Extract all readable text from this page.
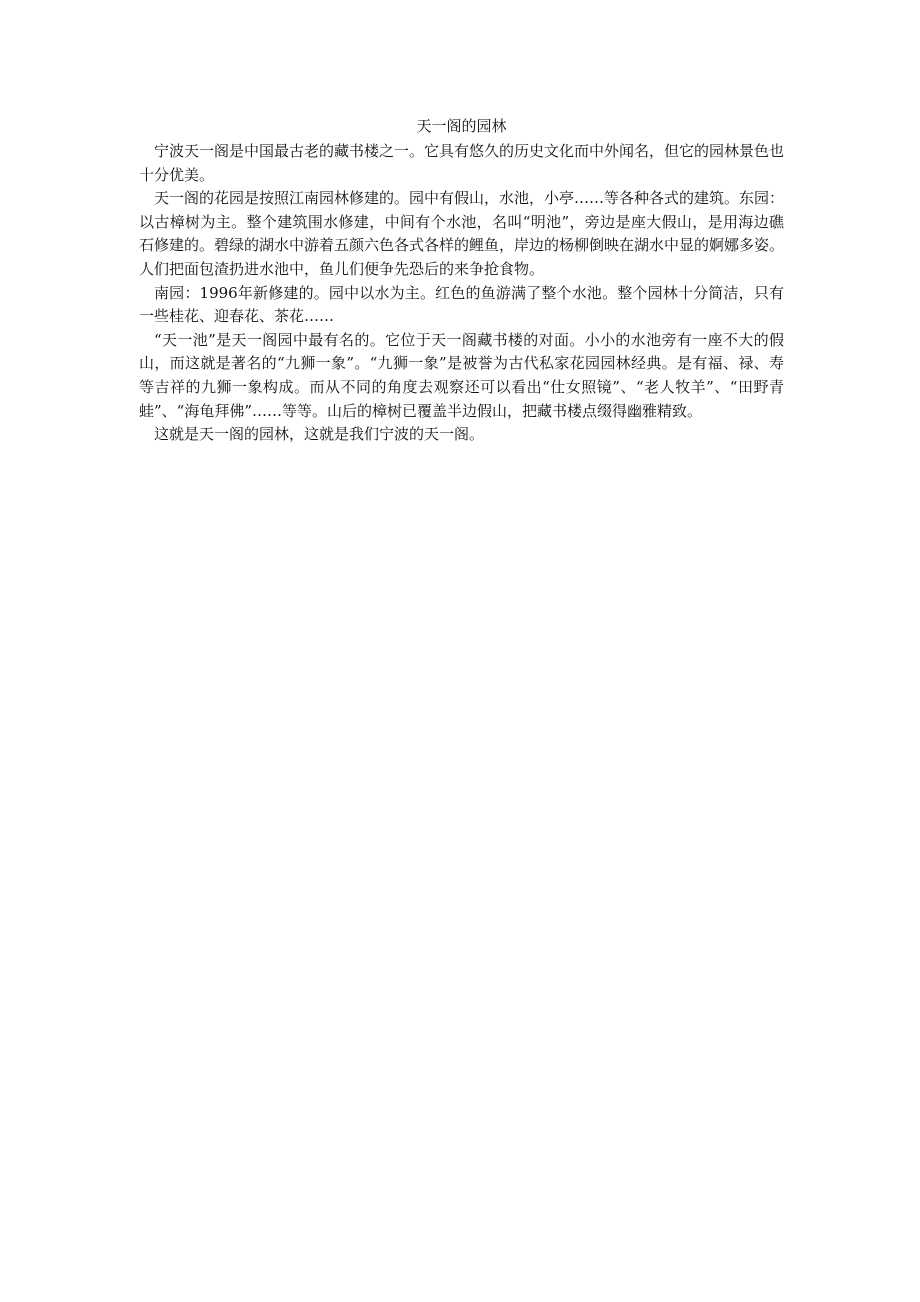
天一阁的园林

宁波天一阁是中国最古老的藏书楼之一。它具有悠久的历史文化而中外闻名，但它的园林景色也十分优美。

天一阁的花园是按照江南园林修建的。园中有假山，水池，小亭……等各种各式的建筑。东园：以古樟树为主。整个建筑围水修建，中间有个水池，名叫“明池”，旁边是座大假山，是用海边礁石修建的。碧绿的湖水中游着五颜六色各式各样的鲤鱼，岸边的杨柳倒映在湖水中显的婀娜多姿。人们把面包渣扔进水池中，鱼儿们便争先恐后的来争抢食物。

南园：1996年新修建的。园中以水为主。红色的鱼游满了整个水池。整个园林十分简洁，只有一些桂花、迎春花、茶花……

“天一池”是天一阁园中最有名的。它位于天一阁藏书楼的对面。小小的水池旁有一座不大的假山，而这就是著名的“九狮一象”。“九狮一象”是被誉为古代私家花园园林经典。是有福、禄、寿等吉祥的九狮一象构成。而从不同的角度去观察还可以看出“仕女照镜”、“老人牧羊”、“田野青蛙”、“海龟拜佛”……等等。山后的樟树已覆盖半边假山，把藏书楼点缀得幽雅精致。

这就是天一阁的园林，这就是我们宁波的天一阁。
